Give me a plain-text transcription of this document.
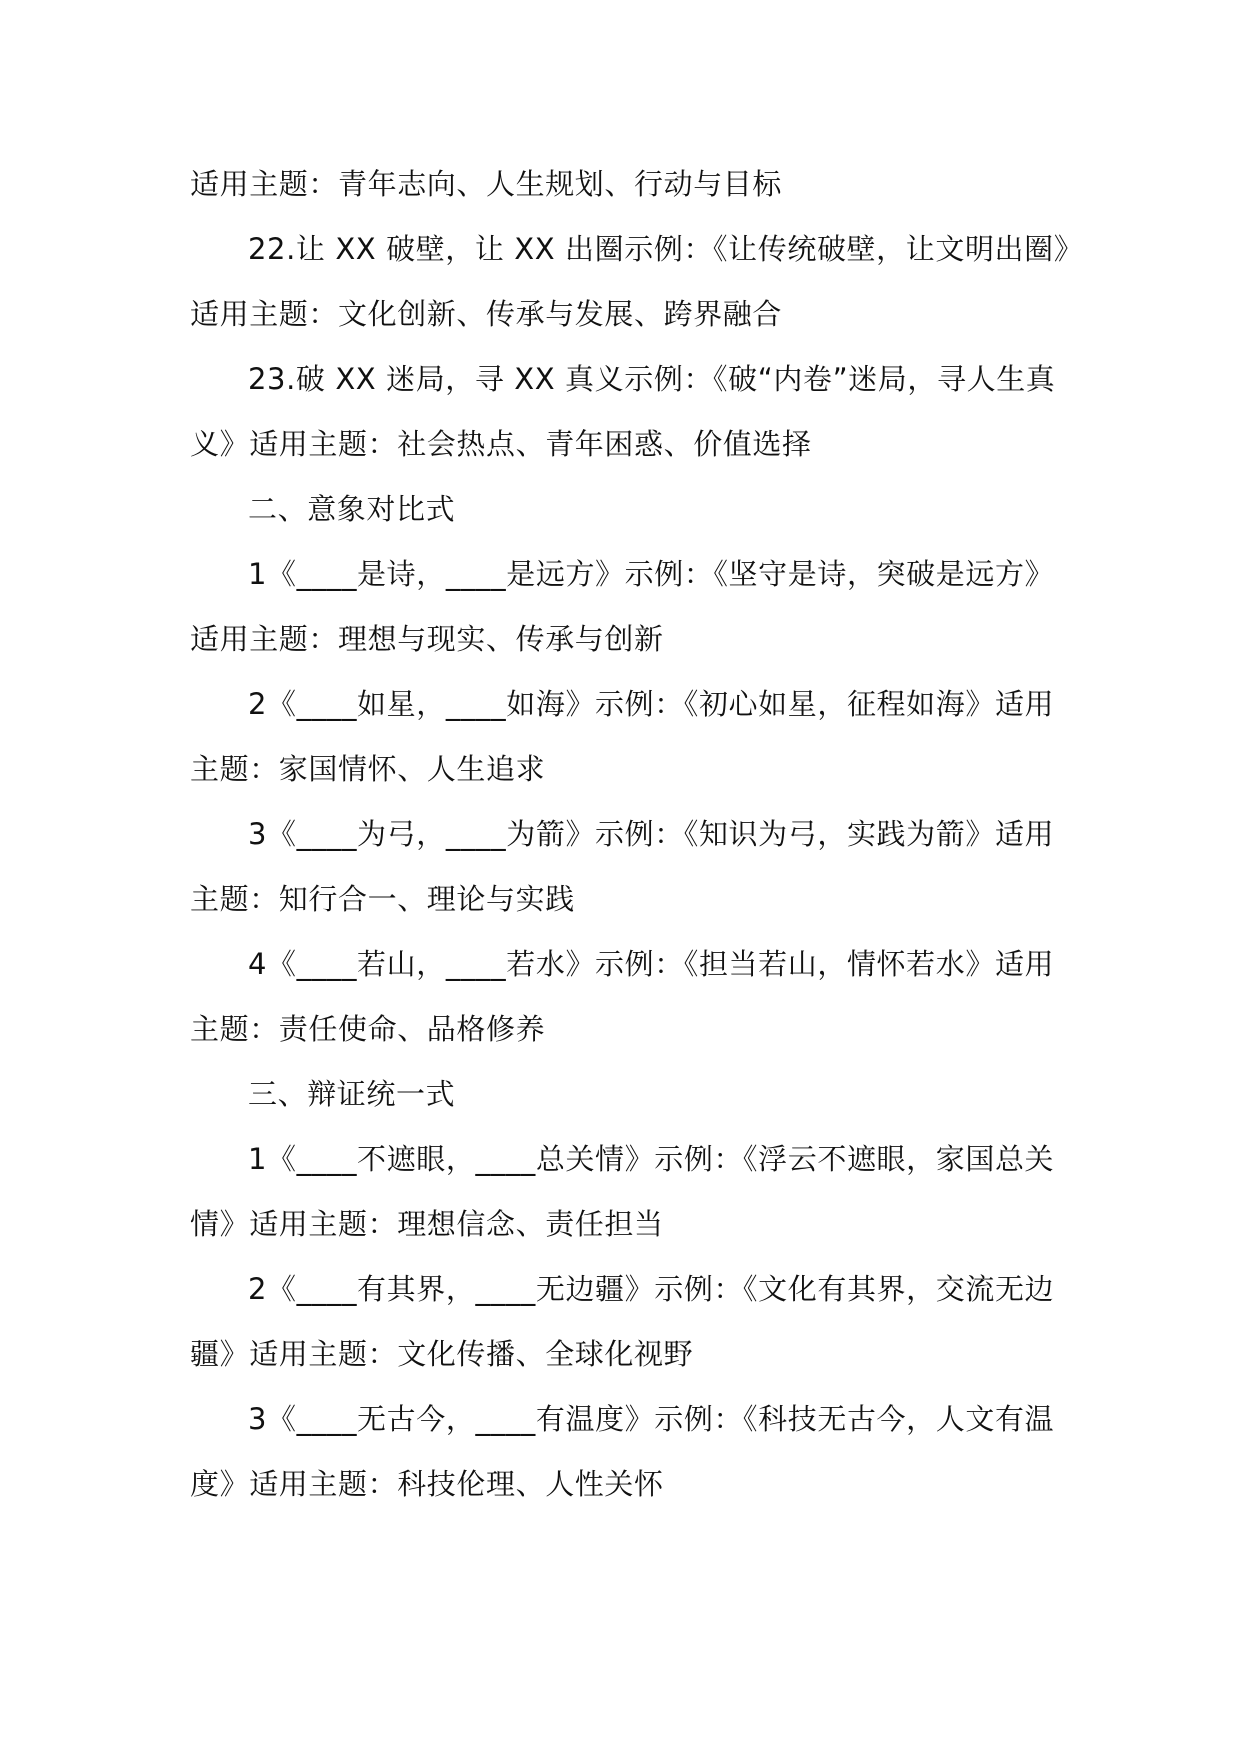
适用主题：青年志向、人生规划、行动与目标
22.让 XX 破壁，让 XX 出圈示例：《让传统破壁，让文明出圈》
适用主题：文化创新、传承与发展、跨界融合
23.破 XX 迷局，寻 XX 真义示例：《破“内卷”迷局，寻人生真
义》适用主题：社会热点、青年困惑、价值选择
二、意象对比式
1《____是诗，____是远方》示例：《坚守是诗，突破是远方》
适用主题：理想与现实、传承与创新
2《____如星，____如海》示例：《初心如星，征程如海》适用
主题：家国情怀、人生追求
3《____为弓，____为箭》示例：《知识为弓，实践为箭》适用
主题：知行合一、理论与实践
4《____若山，____若水》示例：《担当若山，情怀若水》适用
主题：责任使命、品格修养
三、辩证统一式
1《____不遮眼，____总关情》示例：《浮云不遮眼，家国总关
情》适用主题：理想信念、责任担当
2《____有其界，____无边疆》示例：《文化有其界，交流无边
疆》适用主题：文化传播、全球化视野
3《____无古今，____有温度》示例：《科技无古今，人文有温
度》适用主题：科技伦理、人性关怀
